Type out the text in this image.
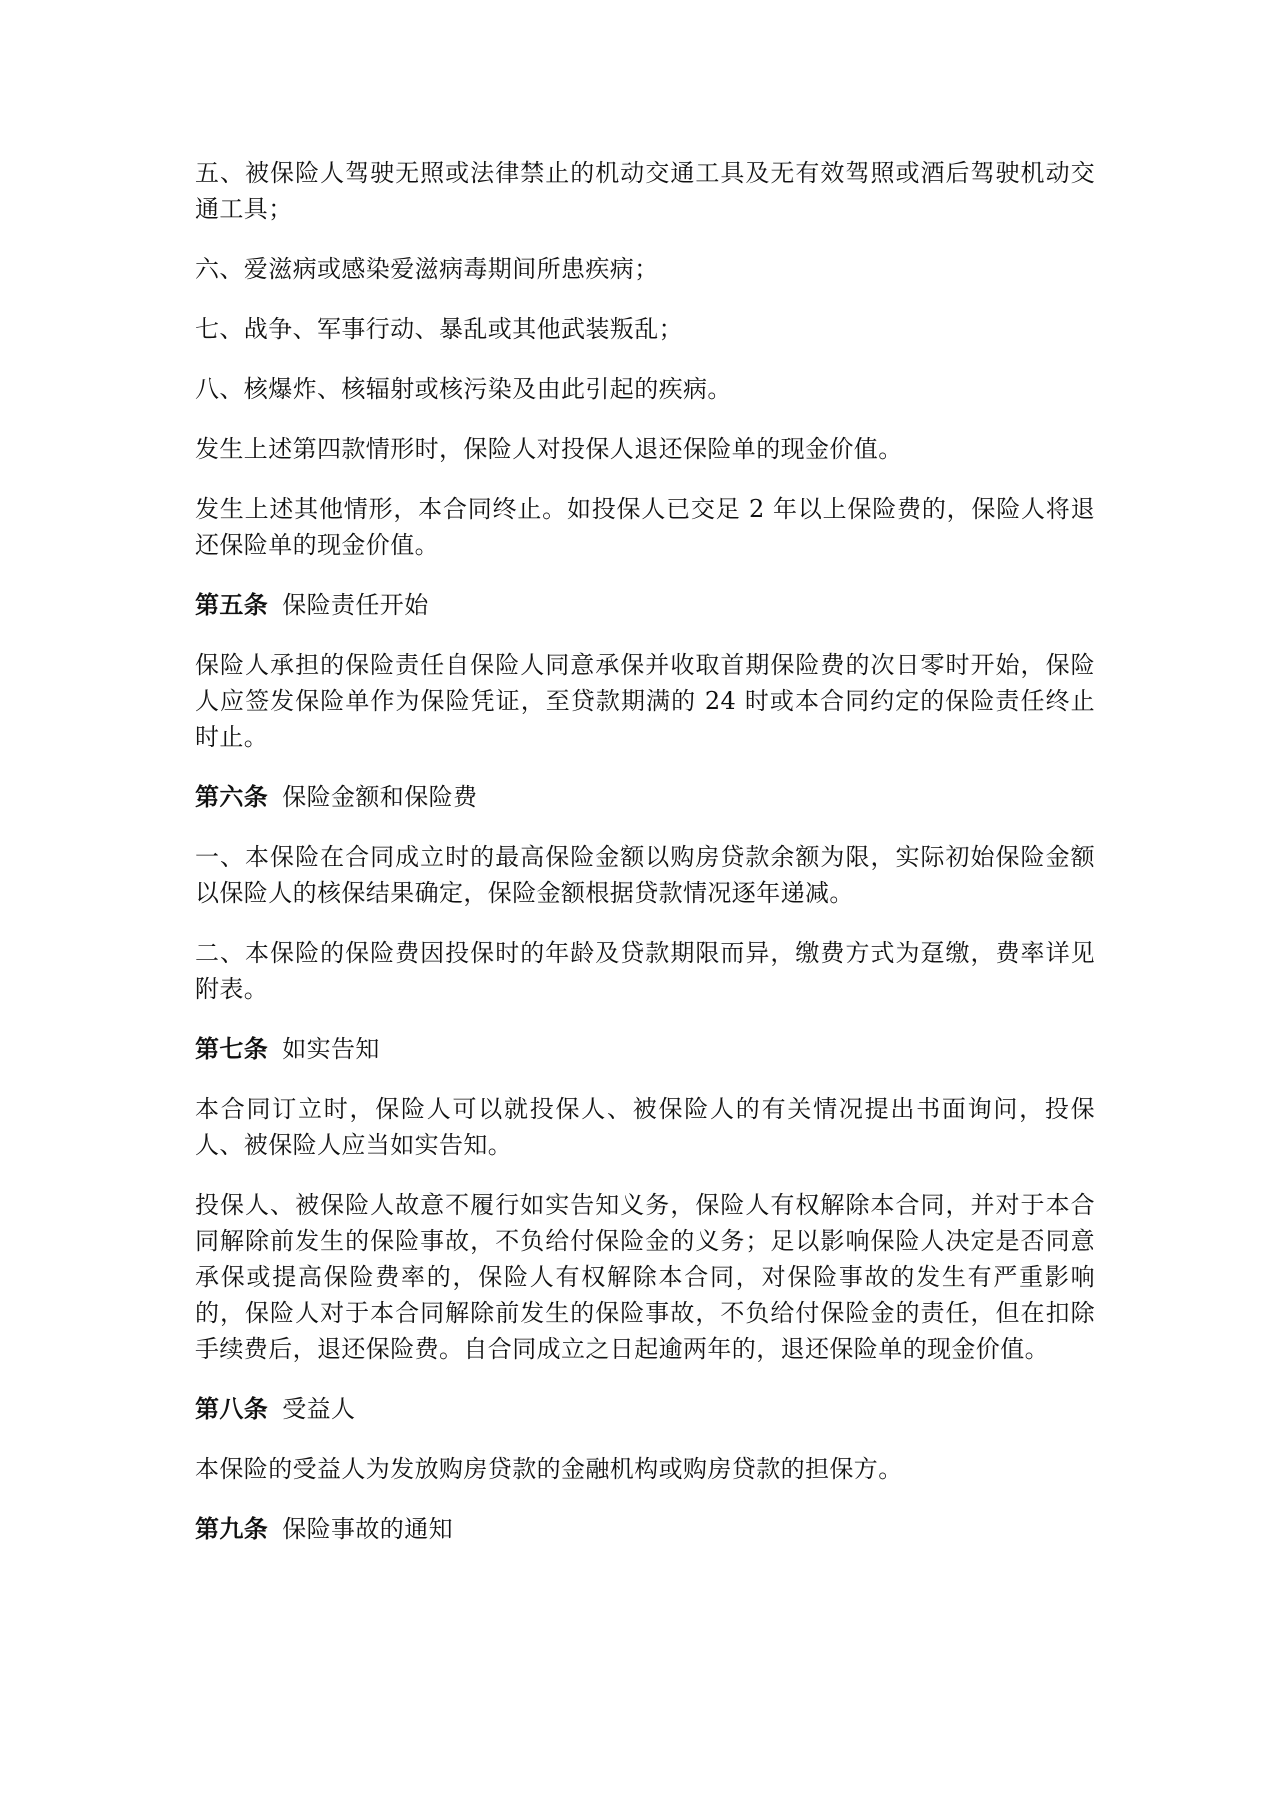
五、被保险人驾驶无照或法律禁止的机动交通工具及无有效驾照或酒后驾驶机动交通工具；

六、爱滋病或感染爱滋病毒期间所患疾病；

七、战争、军事行动、暴乱或其他武装叛乱；

八、核爆炸、核辐射或核污染及由此引起的疾病。

发生上述第四款情形时，保险人对投保人退还保险单的现金价值。

发生上述其他情形，本合同终止。如投保人已交足 2 年以上保险费的，保险人将退还保险单的现金价值。

第五条 保险责任开始

保险人承担的保险责任自保险人同意承保并收取首期保险费的次日零时开始，保险人应签发保险单作为保险凭证，至贷款期满的 24 时或本合同约定的保险责任终止时止。

第六条 保险金额和保险费

一、本保险在合同成立时的最高保险金额以购房贷款余额为限，实际初始保险金额以保险人的核保结果确定，保险金额根据贷款情况逐年递减。

二、本保险的保险费因投保时的年龄及贷款期限而异，缴费方式为趸缴，费率详见附表。

第七条 如实告知

本合同订立时，保险人可以就投保人、被保险人的有关情况提出书面询问，投保人、被保险人应当如实告知。

投保人、被保险人故意不履行如实告知义务，保险人有权解除本合同，并对于本合同解除前发生的保险事故，不负给付保险金的义务；足以影响保险人决定是否同意承保或提高保险费率的，保险人有权解除本合同，对保险事故的发生有严重影响的，保险人对于本合同解除前发生的保险事故，不负给付保险金的责任，但在扣除手续费后，退还保险费。自合同成立之日起逾两年的，退还保险单的现金价值。

第八条 受益人

本保险的受益人为发放购房贷款的金融机构或购房贷款的担保方。

第九条 保险事故的通知
